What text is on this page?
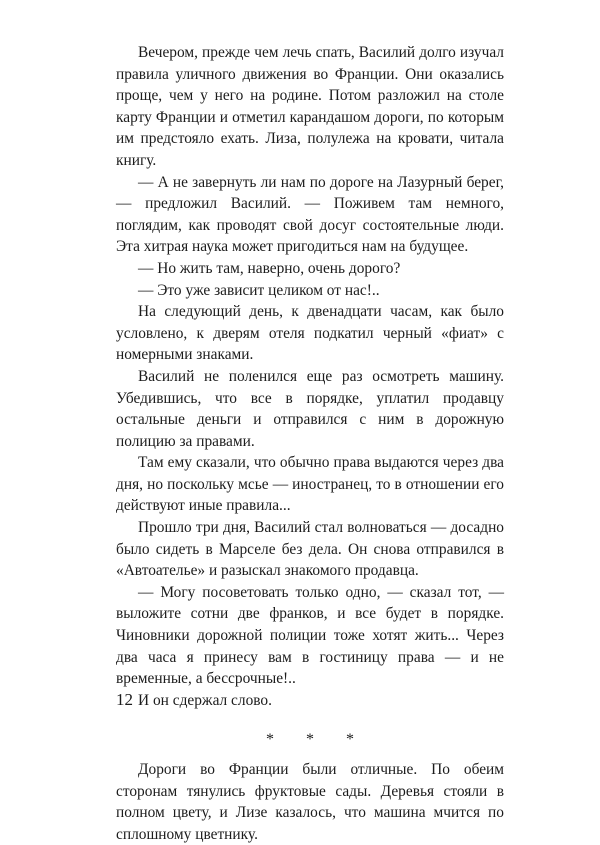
Вечером, прежде чем лечь спать, Василий долго изучал правила уличного движения во Франции. Они оказались проще, чем у него на родине. Потом разложил на столе карту Франции и отметил карандашом дороги, по которым им предстояло ехать. Лиза, полулежа на кровати, читала книгу.

— А не завернуть ли нам по дороге на Лазурный берег, — предложил Василий. — Поживем там немного, поглядим, как проводят свой досуг состоятельные люди. Эта хитрая наука может пригодиться нам на будущее.

— Но жить там, наверно, очень дорого?

— Это уже зависит целиком от нас!..

На следующий день, к двенадцати часам, как было условлено, к дверям отеля подкатил черный «фиат» с номерными знаками.

Василий не поленился еще раз осмотреть машину. Убедившись, что все в порядке, уплатил продавцу остальные деньги и отправился с ним в дорожную полицию за правами.

Там ему сказали, что обычно права выдаются через два дня, но поскольку мсье — иностранец, то в отношении его действуют иные правила...

Прошло три дня, Василий стал волноваться — досадно было сидеть в Марселе без дела. Он снова отправился в «Автоателье» и разыскал знакомого продавца.

— Могу посоветовать только одно, — сказал тот, — выложите сотни две франков, и все будет в порядке. Чиновники дорожной полиции тоже хотят жить... Через два часа я принесу вам в гостиницу права — и не временные, а бессрочные!..

И он сдержал слово.

* * *

Дороги во Франции были отличные. По обеим сторонам тянулись фруктовые сады. Деревья стояли в полном цвету, и Лизе казалось, что машина мчится по сплошному цветнику.

12
